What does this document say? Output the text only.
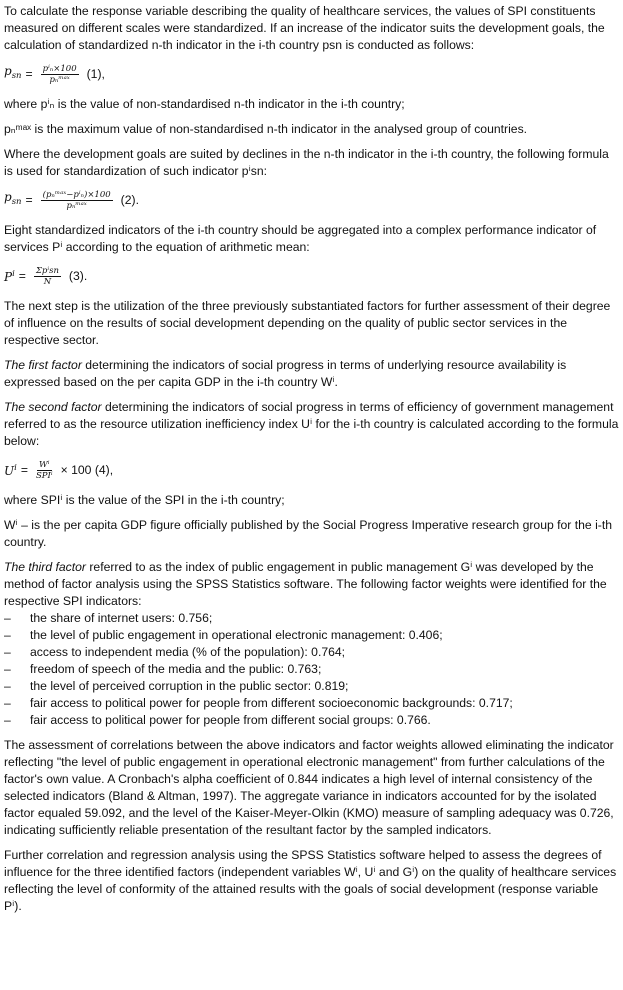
To calculate the response variable describing the quality of healthcare services, the values of SPI constituents measured on different scales were standardized. If an increase of the indicator suits the development goals, the calculation of standardized n-th indicator in the i-th country psn is conducted as follows:

$p_{sn} = \frac{\text{pⁱₙ×100}}{\text{pₙᵐᵃˣ}} (1)$,

where pⁱₙ is the value of non-standardised n-th indicator in the i-th country;

pₙᵐᵃˣ is the maximum value of non-standardised n-th indicator in the analysed group of countries.

Where the development goals are suited by declines in the n-th indicator in the i-th country, the following formula is used for standardization of such indicator pⁱsn:

$p_{sn} = \frac{\text{(pₙᵐᵃˣ−pⁱₙ)×100}}{\text{pₙᵐᵃˣ}} (2)$.

Eight standardized indicators of the i-th country should be aggregated into a complex performance indicator of services Pⁱ according to the equation of arithmetic mean:

$P^i = \frac{\text{Σpⁱsn}}{N} (3)$.

The next step is the utilization of the three previously substantiated factors for further assessment of their degree of influence on the results of social development depending on the quality of public sector services in the respective sector.

The first factor determining the indicators of social progress in terms of underlying resource availability is expressed based on the per capita GDP in the i-th country Wⁱ.

The second factor determining the indicators of social progress in terms of efficiency of government management referred to as the resource utilization inefficiency index Uⁱ for the i-th country is calculated according to the formula below:

$U^i = \frac{\text{Wⁱ}}{\text{SPIⁱ}} \times 100$ (4),

where SPIⁱ is the value of the SPI in the i-th country;

Wⁱ – is the per capita GDP figure officially published by the Social Progress Imperative research group for the i-th country.

The third factor referred to as the index of public engagement in public management Gⁱ was developed by the method of factor analysis using the SPSS Statistics software. The following factor weights were identified for the respective SPI indicators:

–	the share of internet users: 0.756;
–	the level of public engagement in operational electronic management: 0.406;
–	access to independent media (% of the population): 0.764;
–	freedom of speech of the media and the public: 0.763;
–	the level of perceived corruption in the public sector: 0.819;
–	fair access to political power for people from different socioeconomic backgrounds: 0.717;
–	fair access to political power for people from different social groups: 0.766.

The assessment of correlations between the above indicators and factor weights allowed eliminating the indicator reflecting "the level of public engagement in operational electronic management" from further calculations of the factor's own value. A Cronbach's alpha coefficient of 0.844 indicates a high level of internal consistency of the selected indicators (Bland & Altman, 1997). The aggregate variance in indicators accounted for by the isolated factor equaled 59.092, and the level of the Kaiser-Meyer-Olkin (KMO) measure of sampling adequacy was 0.726, indicating sufficiently reliable presentation of the resultant factor by the sampled indicators.

Further correlation and regression analysis using the SPSS Statistics software helped to assess the degrees of influence for the three identified factors (independent variables Wⁱ, Uⁱ and Gⁱ) on the quality of healthcare services reflecting the level of conformity of the attained results with the goals of social development (response variable Pⁱ).
